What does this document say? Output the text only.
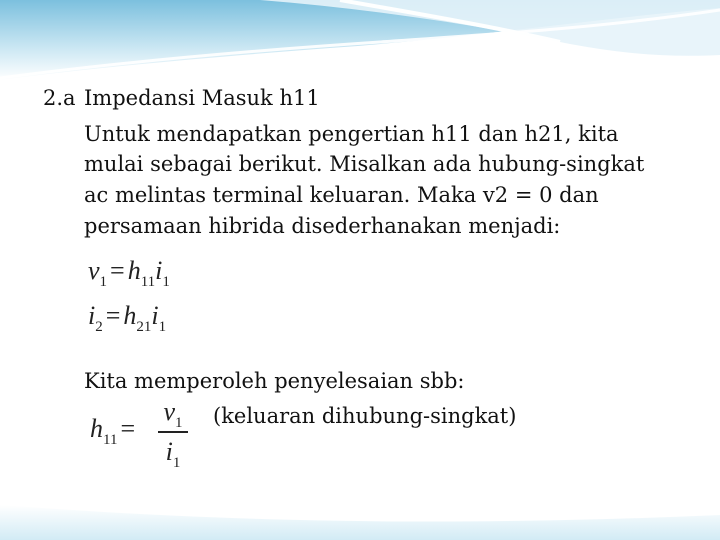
2.a Impedansi Masuk h11
Untuk mendapatkan pengertian h11 dan h21, kita
mulai sebagai berikut. Misalkan ada hubung-singkat
ac melintas terminal keluaran. Maka v2 = 0 dan
persamaan hibrida disederhanakan menjadi:
$v_1 = h_{11}i_1$
$i_2 = h_{21}i_1$
Kita memperoleh penyelesaian sbb:
$h_{11}$ =
$v_1$
$i_1$
(keluaran dihubung-singkat)
